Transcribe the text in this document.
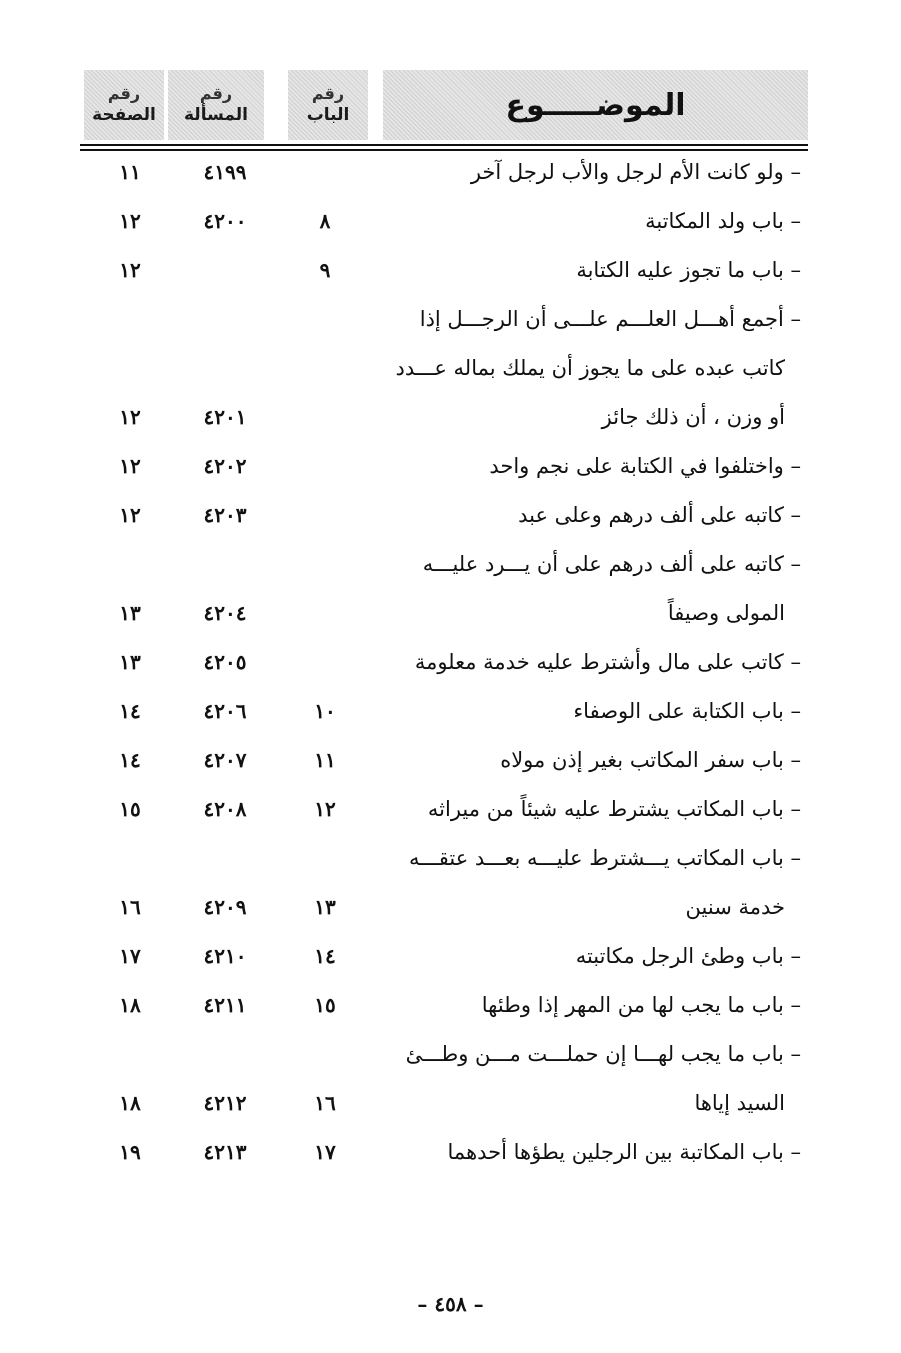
الموضـــــوع
رقم
الباب
رقم
المسألة
رقم
الصفحة
– ولو كانت الأم لرجل والأب لرجل آخر
٤١٩٩
١١
– باب ولد المكاتبة
٨
٤٢٠٠
١٢
– باب ما تجوز عليه الكتابة
٩
١٢
– أجمع أهـــل العلـــم علـــى أن الرجـــل إذا
كاتب عبده على ما يجوز أن يملك بماله عـــدد
أو وزن ، أن ذلك جائز
٤٢٠١
١٢
– واختلفوا في الكتابة على نجم واحد
٤٢٠٢
١٢
– كاتبه على ألف درهم وعلى عبد
٤٢٠٣
١٢
– كاتبه على ألف درهم على أن يـــرد عليـــه
المولى وصيفاً
٤٢٠٤
١٣
– كاتب على مال وأشترط عليه خدمة معلومة
٤٢٠٥
١٣
– باب الكتابة على الوصفاء
١٠
٤٢٠٦
١٤
– باب سفر المكاتب بغير إذن مولاه
١١
٤٢٠٧
١٤
– باب المكاتب يشترط عليه شيئاً من ميراثه
١٢
٤٢٠٨
١٥
– باب المكاتب يـــشترط عليـــه بعـــد عتقـــه
خدمة سنين
١٣
٤٢٠٩
١٦
– باب وطئ الرجل مكاتبته
١٤
٤٢١٠
١٧
– باب ما يجب لها من المهر إذا وطئها
١٥
٤٢١١
١٨
– باب ما يجب لهـــا إن حملـــت مـــن وطـــئ
السيد إياها
١٦
٤٢١٢
١٨
– باب المكاتبة بين الرجلين يطؤها أحدهما
١٧
٤٢١٣
١٩
– ٤٥٨ –
